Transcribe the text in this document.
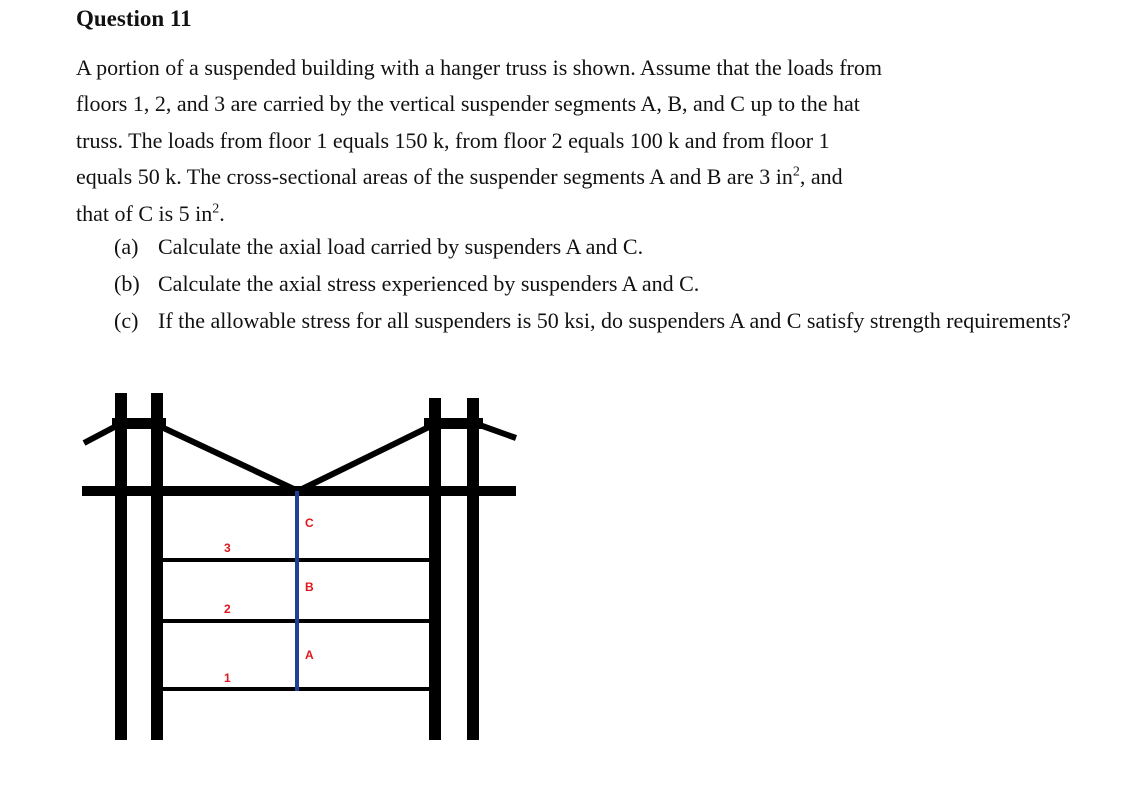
Question 11
A portion of a suspended building with a hanger truss is shown. Assume that the loads from
floors 1, 2, and 3 are carried by the vertical suspender segments A, B, and C up to the hat
truss. The loads from floor 1 equals 150 k, from floor 2 equals 100 k and from floor 1
equals 50 k. The cross-sectional areas of the suspender segments A and B are 3 $in^2$, and
that of C is 5 $in^2$.
(a) Calculate the axial load carried by suspenders A and C.
(b) Calculate the axial stress experienced by suspenders A and C.
(c) If the allowable stress for all suspenders is 50 ksi, do suspenders A and C satisfy strength requirements?
3
2
1
C
B
A
